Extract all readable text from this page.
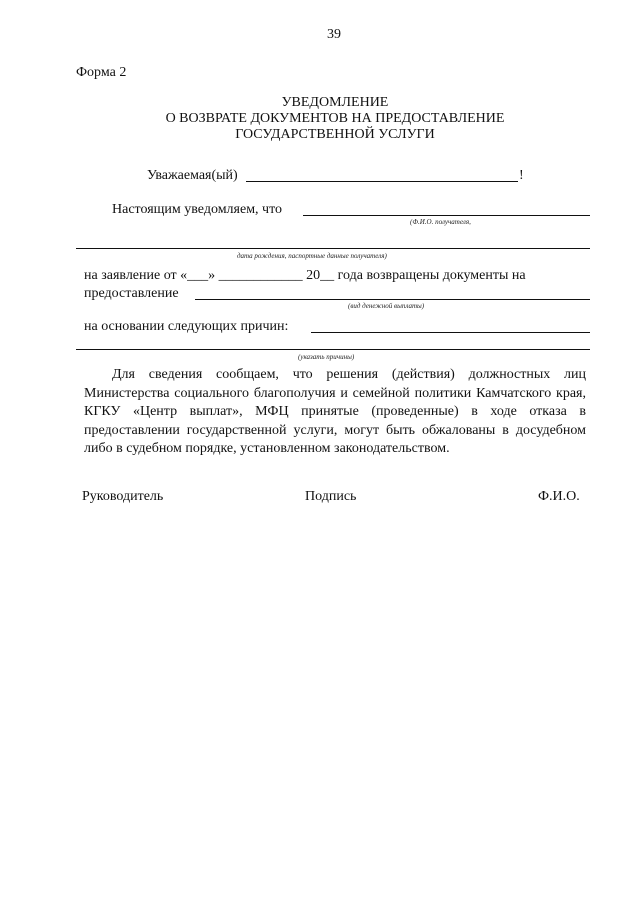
39
Форма 2
УВЕДОМЛЕНИЕ
О ВОЗВРАТЕ ДОКУМЕНТОВ НА ПРЕДОСТАВЛЕНИЕ
ГОСУДАРСТВЕННОЙ УСЛУГИ
Уважаемая(ый)	!
Настоящим уведомляем, что
(Ф.И.О. получателя,
дата рождения, паспортные данные получателя)
на заявление от «___» ____________ 20__ года возвращены документы на
предоставление
(вид денежной выплаты)
на основании следующих причин:
(указать причины)
Для сведения сообщаем, что решения (действия) должностных лиц Министерства социального благополучия и семейной политики Камчатского края, КГКУ «Центр выплат», МФЦ принятые (проведенные) в ходе отказа в предоставлении государственной услуги, могут быть обжалованы в досудебном либо в судебном порядке, установленном законодательством.
Руководитель	Подпись	Ф.И.О.
